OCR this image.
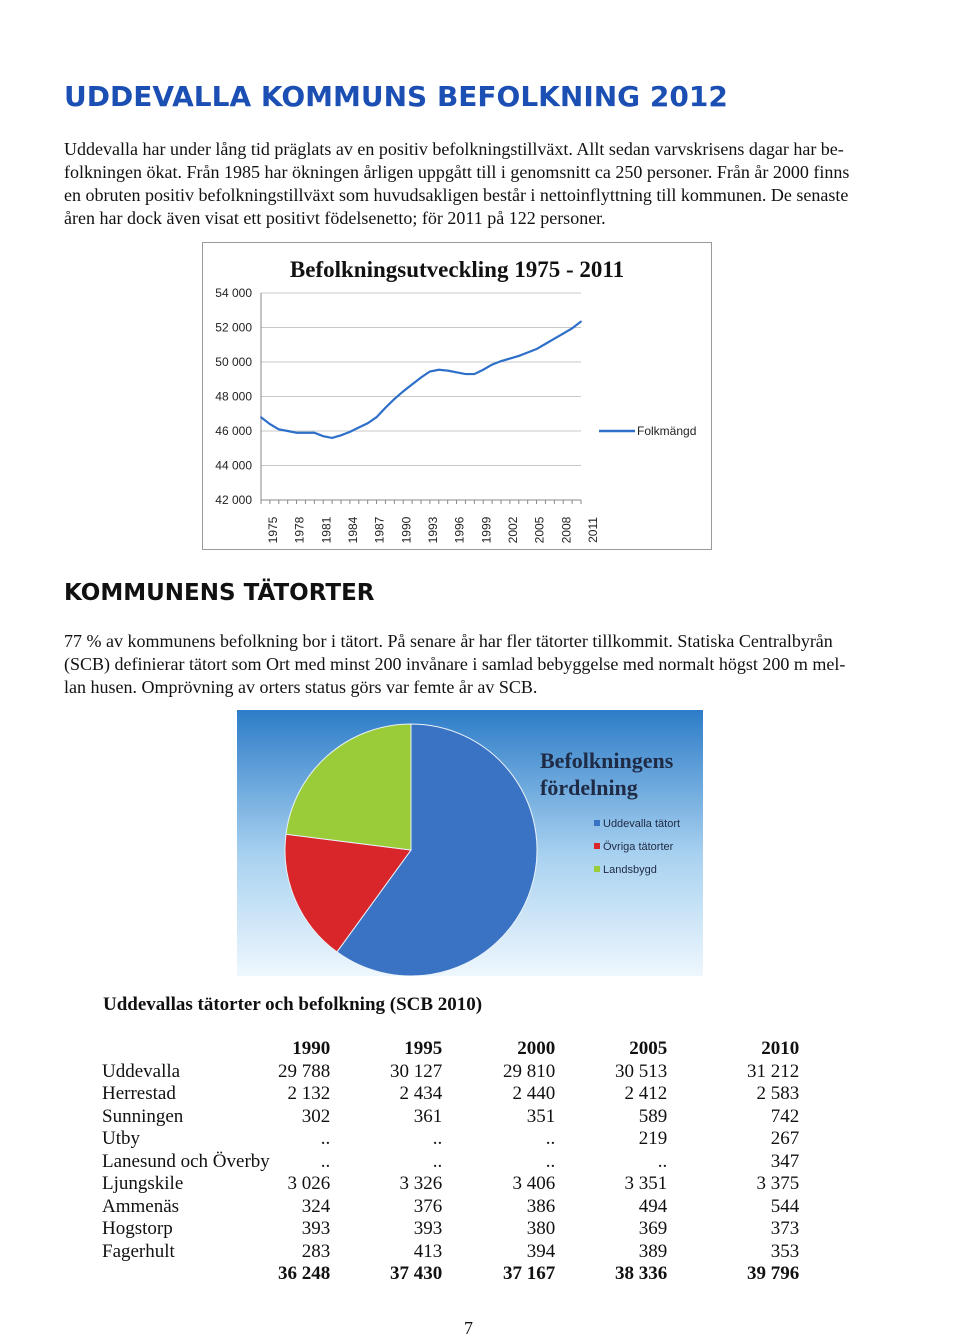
UDDEVALLA KOMMUNS BEFOLKNING 2012

Uddevalla har under lång tid präglats av en positiv befolkningstillväxt. Allt sedan varvskrisens dagar har be-

folkningen ökat. Från 1985 har ökningen årligen uppgått till i genomsnitt ca 250 personer. Från år 2000 finns

en obruten positiv befolkningstillväxt som huvudsakligen består i nettoinflyttning till kommunen. De senaste

åren har dock även visat ett positivt födelsenetto; för 2011 på 122 personer.

Befolkningsutveckling 1975 - 2011
42 000
44 000
46 000
48 000
50 000
52 000
54 000
1975 1978 1981 1984 1987 1990 1993 1996 1999 2002 2005 2008 2011
Folkmängd
KOMMUNENS TÄTORTER

77 % av kommunens befolkning bor i tätort. På senare år har fler tätorter tillkommit. Statiska Centralbyrån

(SCB) definierar tätort som Ort med minst 200 invånare i samlad bebyggelse med normalt högst 200 m mel-

lan husen. Omprövning av orters status görs var femte år av SCB.

Befolkningens
fördelning
Uddevalla tätort
Övriga tätorter
Landsbygd

Uddevallas tätorter och befolkning (SCB 2010)

	1990	1995	2000	2005	2010
Uddevalla	29 788	30 127	29 810	30 513	31 212
Herrestad	2 132	2 434	2 440	2 412	2 583
Sunningen	302	361	351	589	742
Utby	..	..	..	219	267
Lanesund och Överby	..	..	..	..	347
Ljungskile	3 026	3 326	3 406	3 351	3 375
Ammenäs	324	376	386	494	544
Hogstorp	393	393	380	369	373
Fagerhult	283	413	394	389	353
	36 248	37 430	37 167	38 336	39 796

7
